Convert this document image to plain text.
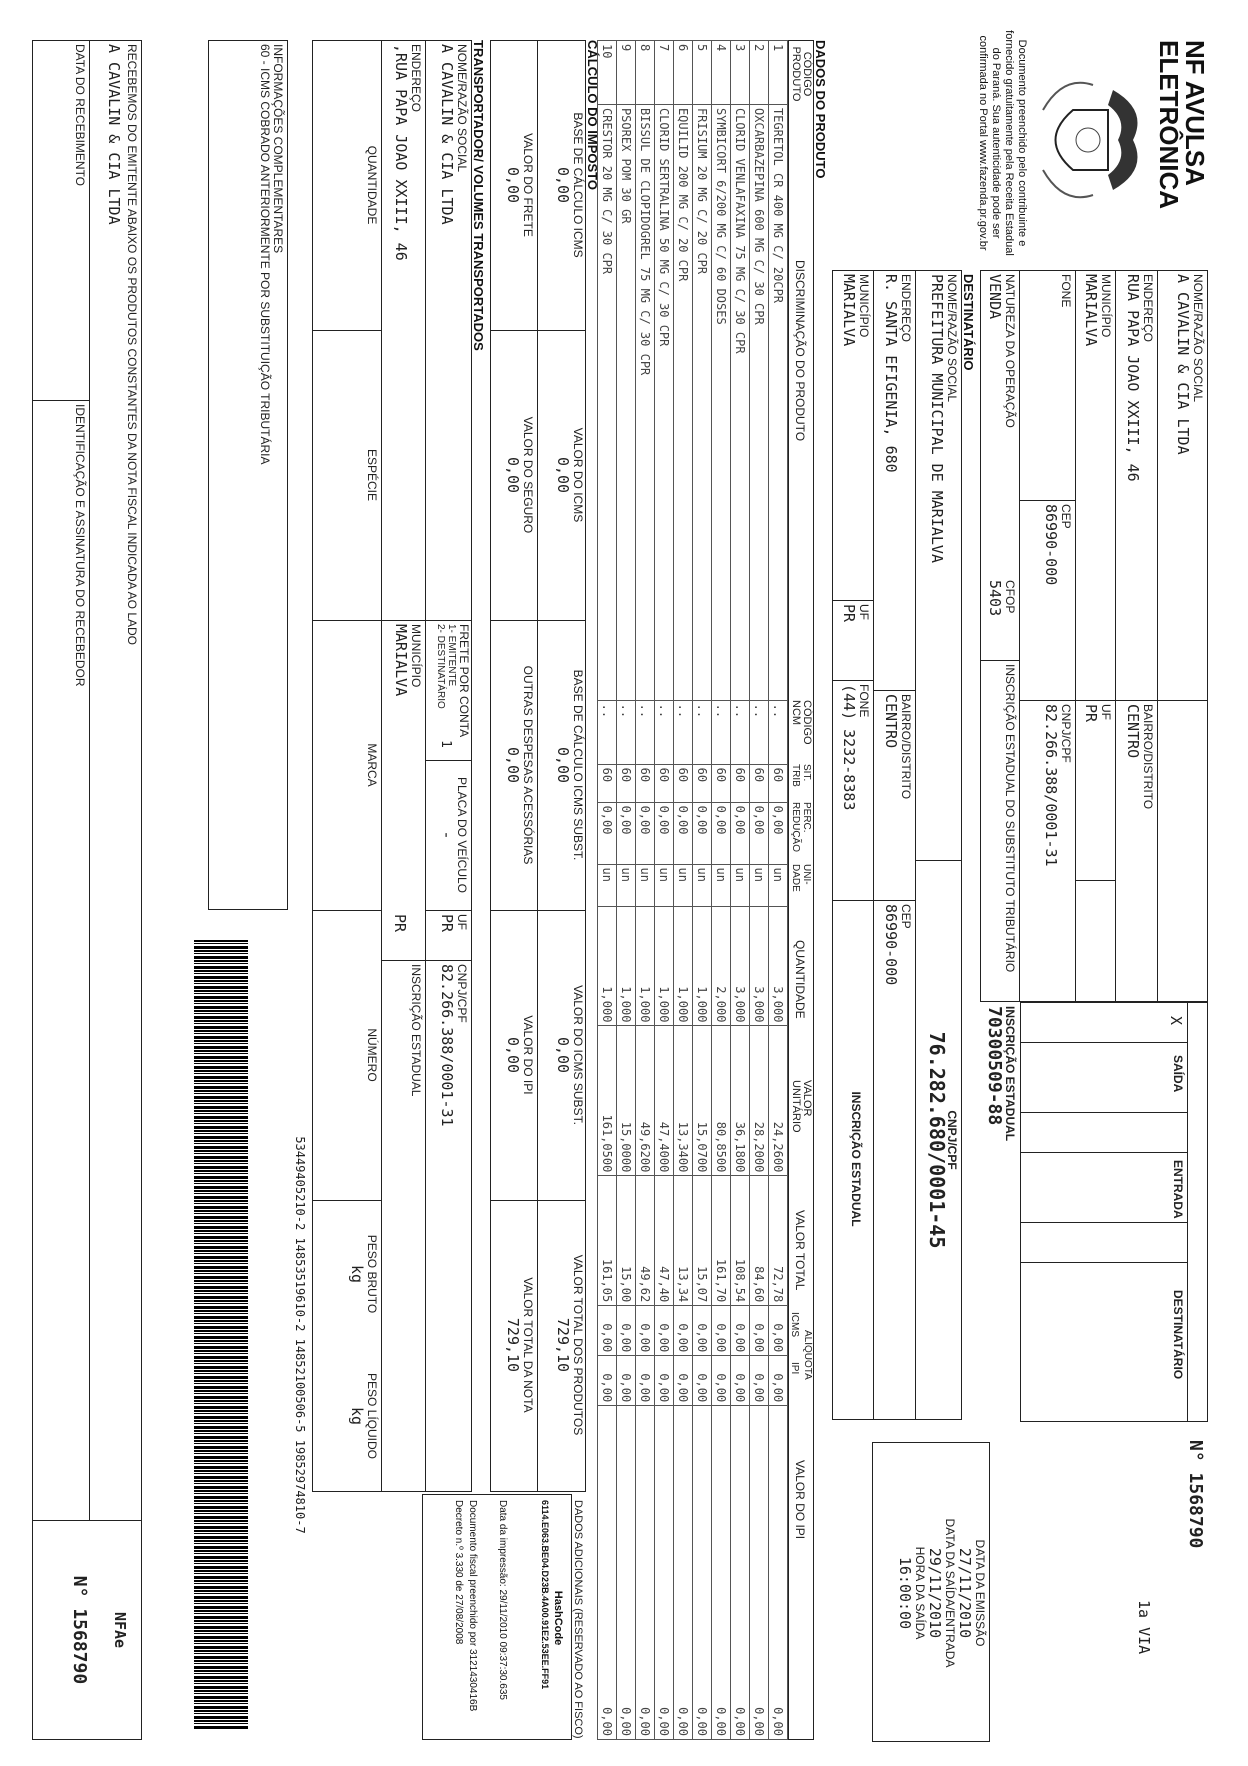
NF AVULSA
ELETRÔNICA
Documento preenchido pelo contribuinte e fornecido gratuitamente pela Receita Estadual do Paraná. Sua autenticidade pode ser confirmada no Portal www.fazenda.pr.gov.br
NOME/RAZÃO SOCIAL
A CAVALIN & CIA LTDA
ENDEREÇO
RUA PAPA JOAO XXIII, 46
BAIRRO/DISTRITO
CENTRO
MUNICÍPIO
MARIALVA
UF
PR
FONE
CEP
86990-000
CNPJ/CPF
82.266.388/0001-31
NATUREZA DA OPERAÇÃO
VENDA
CFOP
5403
INSCRIÇÃO ESTADUAL DO SUBSTITUTO TRIBUTÁRIO
INSCRIÇÃO ESTADUAL
70300509-88	X
SAÍDA
ENTRADA
DESTINATÁRIO
N° 1568790
1a VIA
DATA DA EMISSÃO
27/11/2010
DATA DA SAÍDA/ENTRADA
29/11/2010
HORA DA SAÍDA
16:00:00
DESTINATÁRIO
NOME/RAZÃO SOCIAL
PREFEITURA MUNICIPAL DE MARIALVA
CNPJ/CPF
76.282.680/0001-45
ENDEREÇO
R. SANTA EFIGENIA, 680
BAIRRO/DISTRITO
CENTRO
CEP
86990-000
MUNICÍPIO
MARIALVA
UF
PR
FONE
(44) 3232-8383
INSCRIÇÃO ESTADUAL
DADOS DO PRODUTO
CÓDIGO PRODUTO
DISCRIMINAÇÃO DO PRODUTO
CÓDIGO NCM
SIT. TRIB
PERC. REDUÇÃO
UNI-DADE
QUANTIDADE
VALOR UNITÁRIO
VALOR TOTAL
ALÍQUOTA
ICMS
IPI
VALOR DO IPI
1	TEGRETOL CR 400 MG C/ 20CPR	..	60	0,00	un	3,000	24,2600	72,78	0,00	0,00	0,00
2	OXCARBAZEPINA 600 MG C/ 30 CPR	..	60	0,00	un	3,000	28,2000	84,60	0,00	0,00	0,00
3	CLORID VENLAFAXINA 75 MG C/ 30 CPR	..	60	0,00	un	3,000	36,1800	108,54	0,00	0,00	0,00
4	SYMBICORT 6/200 MG C/ 60 DOSES	..	60	0,00	un	2,000	80,8500	161,70	0,00	0,00	0,00
5	FRISIUM 20 MG C/ 20 CPR	..	60	0,00	un	1,000	15,0700	15,07	0,00	0,00	0,00
6	EQUILID 200 MG C/ 20 CPR	..	60	0,00	un	1,000	13,3400	13,34	0,00	0,00	0,00
7	CLORID SERTRALINA 50 MG C/ 30 CPR	..	60	0,00	un	1,000	47,4000	47,40	0,00	0,00	0,00
8	BISSUL DE CLOPIDOGREL 75 MG C/ 30 CPR	..	60	0,00	un	1,000	49,6200	49,62	0,00	0,00	0,00
9	PSOREX POM 30 GR	..	60	0,00	un	1,000	15,0000	15,00	0,00	0,00	0,00
10	CRESTOR 20 MG C/ 30 CPR	..	60	0,00	un	1,000	161,0500	161,05	0,00	0,00	0,00
CÁLCULO DO IMPOSTO
BASE DE CÁLCULO ICMS
0,00
VALOR DO ICMS
0,00
BASE DE CÁLCULO ICMS SUBST.
0,00
VALOR DO ICMS SUBST.
0,00
VALOR TOTAL DOS PRODUTOS
729,10
VALOR DO FRETE
0,00
VALOR DO SEGURO
0,00
OUTRAS DESPESAS ACESSÓRIAS
0,00
VALOR DO IPI
0,00
VALOR TOTAL DA NOTA
729,10
DADOS ADICIONAIS (RESERVADO AO FISCO)
HashCode
6114.E063.BE04.D23B.4A00.91E2.53EE.FF91
Data da impressão: 29/11/2010 09:37:30.635
Documento fiscal preenchido por 3121430416B
Decreto n.º 3.330 de 27/08/2008
TRANSPORTADOR/ VOLUMES TRANSPORTADOS
NOME/RAZÃO SOCIAL
A CAVALIN & CIA LTDA
FRETE POR CONTA
1- EMITENTE
2- DESTINATÁRIO
1
PLACA DO VEÍCULO
-
UF
PR
CNPJ/CPF
82.266.388/0001-31
ENDEREÇO
,RUA PAPA JOAO XXIII, 46
MUNICÍPIO
MARIALVA
PR
INSCRIÇÃO ESTADUAL
QUANTIDADE
ESPÉCIE
MARCA
NÚMERO
PESO BRUTO
kg
PESO LÍQUIDO
kg
53449405210-2 14853519610-2 14852100506-5 19852974810-7
INFORMAÇÕES COMPLEMENTARES
60 - ICMS COBRADO ANTERIORMENTE POR SUBSTITUIÇÃO TRIBUTÁRIA
RECEBEMOS DO EMITENTE ABAIXO OS PRODUTOS CONSTANTES DA NOTA FISCAL INDICADA AO LADO
A CAVALIN & CIA LTDA
DATA DO RECEBIMENTO
IDENTIFICAÇÃO E ASSINATURA DO RECEBEDOR
NFAe
N° 1568790
